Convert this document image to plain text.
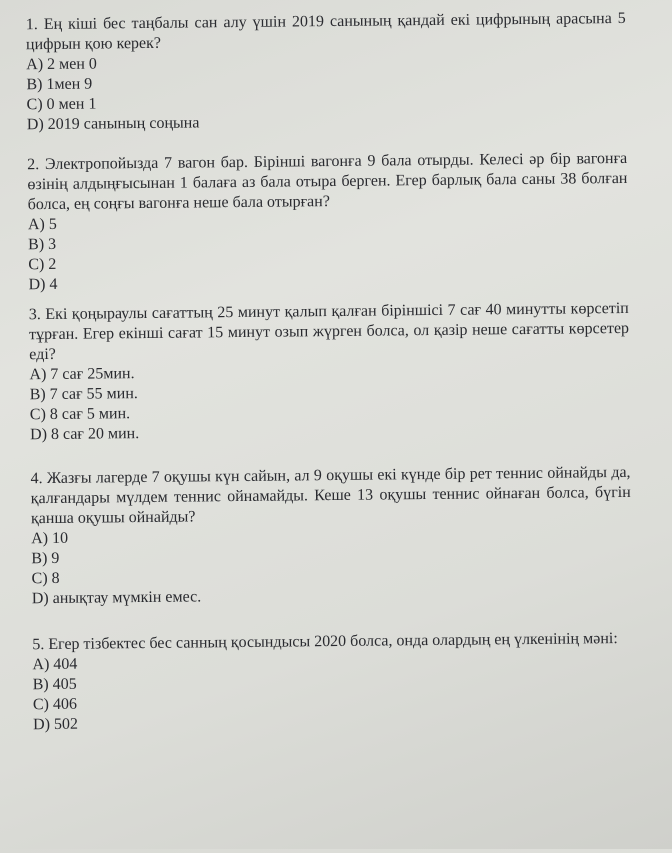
1. Ең кіші бес таңбалы сан алу үшін 2019 санының қандай екі цифрының арасына 5 цифрын қою керек?

A) 2 мен 0

B) 1мен 9

C) 0 мен 1

D) 2019 санының соңына

2. Электропойызда 7 вагон бар. Бірінші вагонға 9 бала отырды. Келесі әр бір вагонға өзінің алдыңғысынан 1 балаға аз бала отыра берген. Егер барлық бала саны 38 болған болса, ең соңғы вагонға неше бала отырған?

A) 5

B) 3

C) 2

D) 4

3. Екі қоңыраулы сағаттың 25 минут қалып қалған біріншісі 7 сағ 40 минутты көрсетіп тұрған. Егер екінші сағат 15 минут озып жүрген болса, ол қазір неше сағатты көрсетер еді?

A) 7 сағ 25мин.

B) 7 сағ 55 мин.

C) 8 сағ 5 мин.

D) 8 сағ 20 мин.

4. Жазғы лагерде 7 оқушы күн сайын, ал 9 оқушы екі күнде бір рет теннис ойнайды да, қалғандары мүлдем теннис ойнамайды. Кеше 13 оқушы теннис ойнаған болса, бүгін қанша оқушы ойнайды?

A) 10

B) 9

C) 8

D) анықтау мүмкін емес.

5. Егер тізбектес бес санның қосындысы 2020 болса, онда олардың ең үлкенінің мәні:

A) 404

B) 405

C) 406

D) 502
